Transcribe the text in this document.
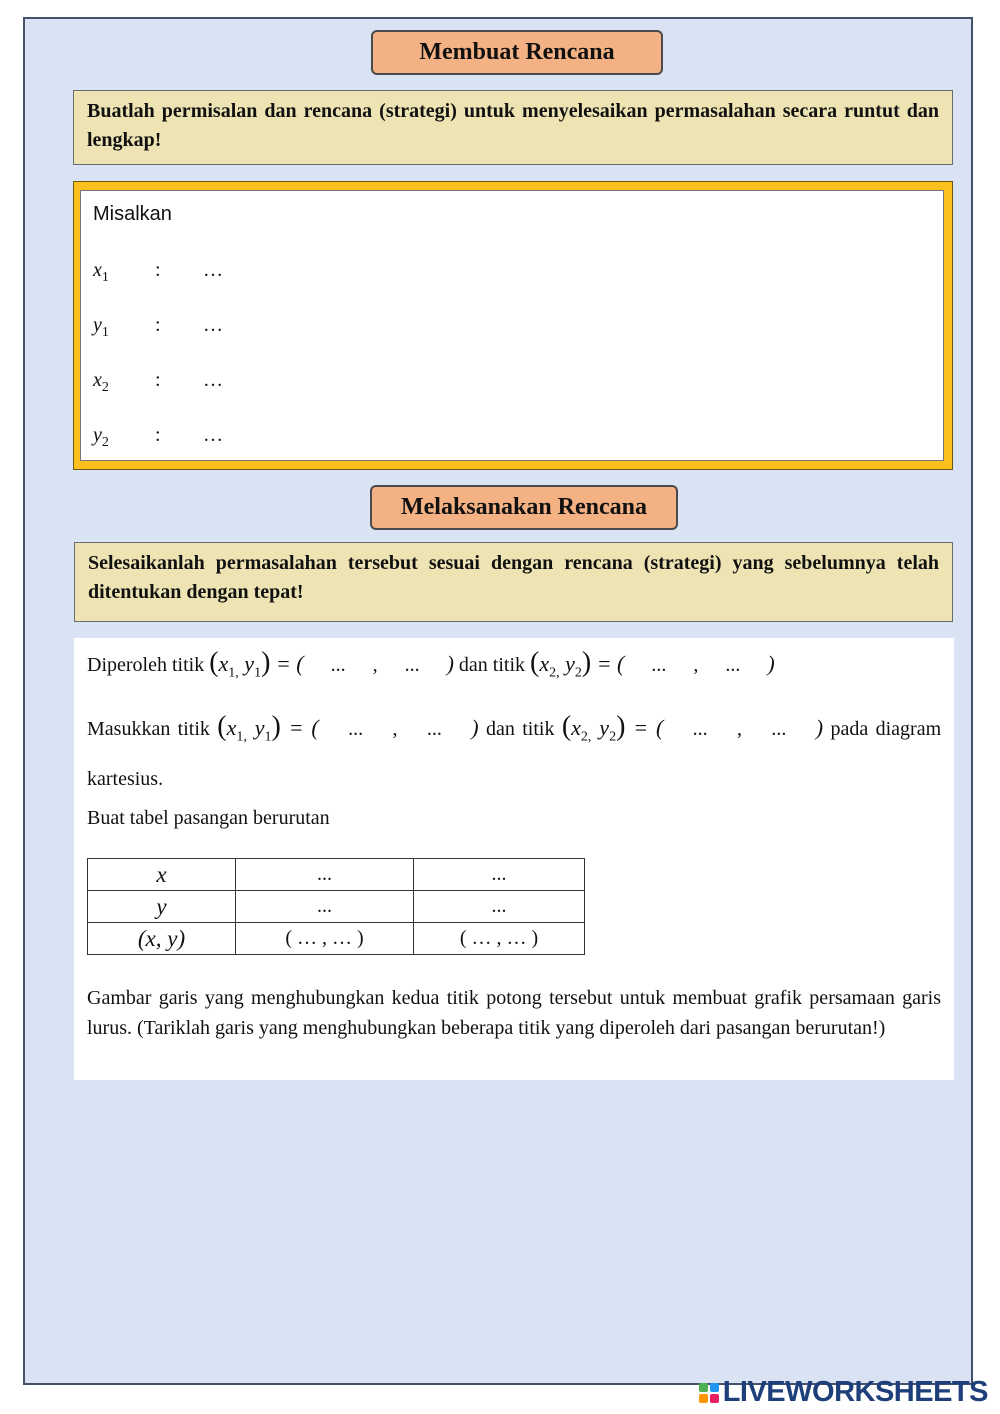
Membuat Rencana
Buatlah permisalan dan rencana (strategi) untuk menyelesaikan permasalahan secara runtut dan lengkap!
Misalkan
$x_1$	:	…
$y_1$	:	…
$x_2$	:	…
$y_2$	:	…
Melaksanakan Rencana
Selesaikanlah permasalahan tersebut sesuai dengan rencana (strategi) yang sebelumnya telah ditentukan dengan tepat!
Diperoleh titik ($x_{1,}$ $y_1$) = ( ... , ... ) dan titik ($x_{2,}$ $y_2$) = ( ... , ... )
Masukkan titik ($x_{1,}$ $y_1$) = ( ... , ... ) dan titik ($x_{2,}$ $y_2$) = ( ... , ... ) pada diagram kartesius.
Buat tabel pasangan berurutan
x	...	...
y	...	...
(x, y)	( … , … )	( … , … )
Gambar garis yang menghubungkan kedua titik potong tersebut untuk membuat grafik persamaan garis lurus. (Tariklah garis yang menghubungkan beberapa titik yang diperoleh dari pasangan berurutan!)
LIVEWORKSHEETS
